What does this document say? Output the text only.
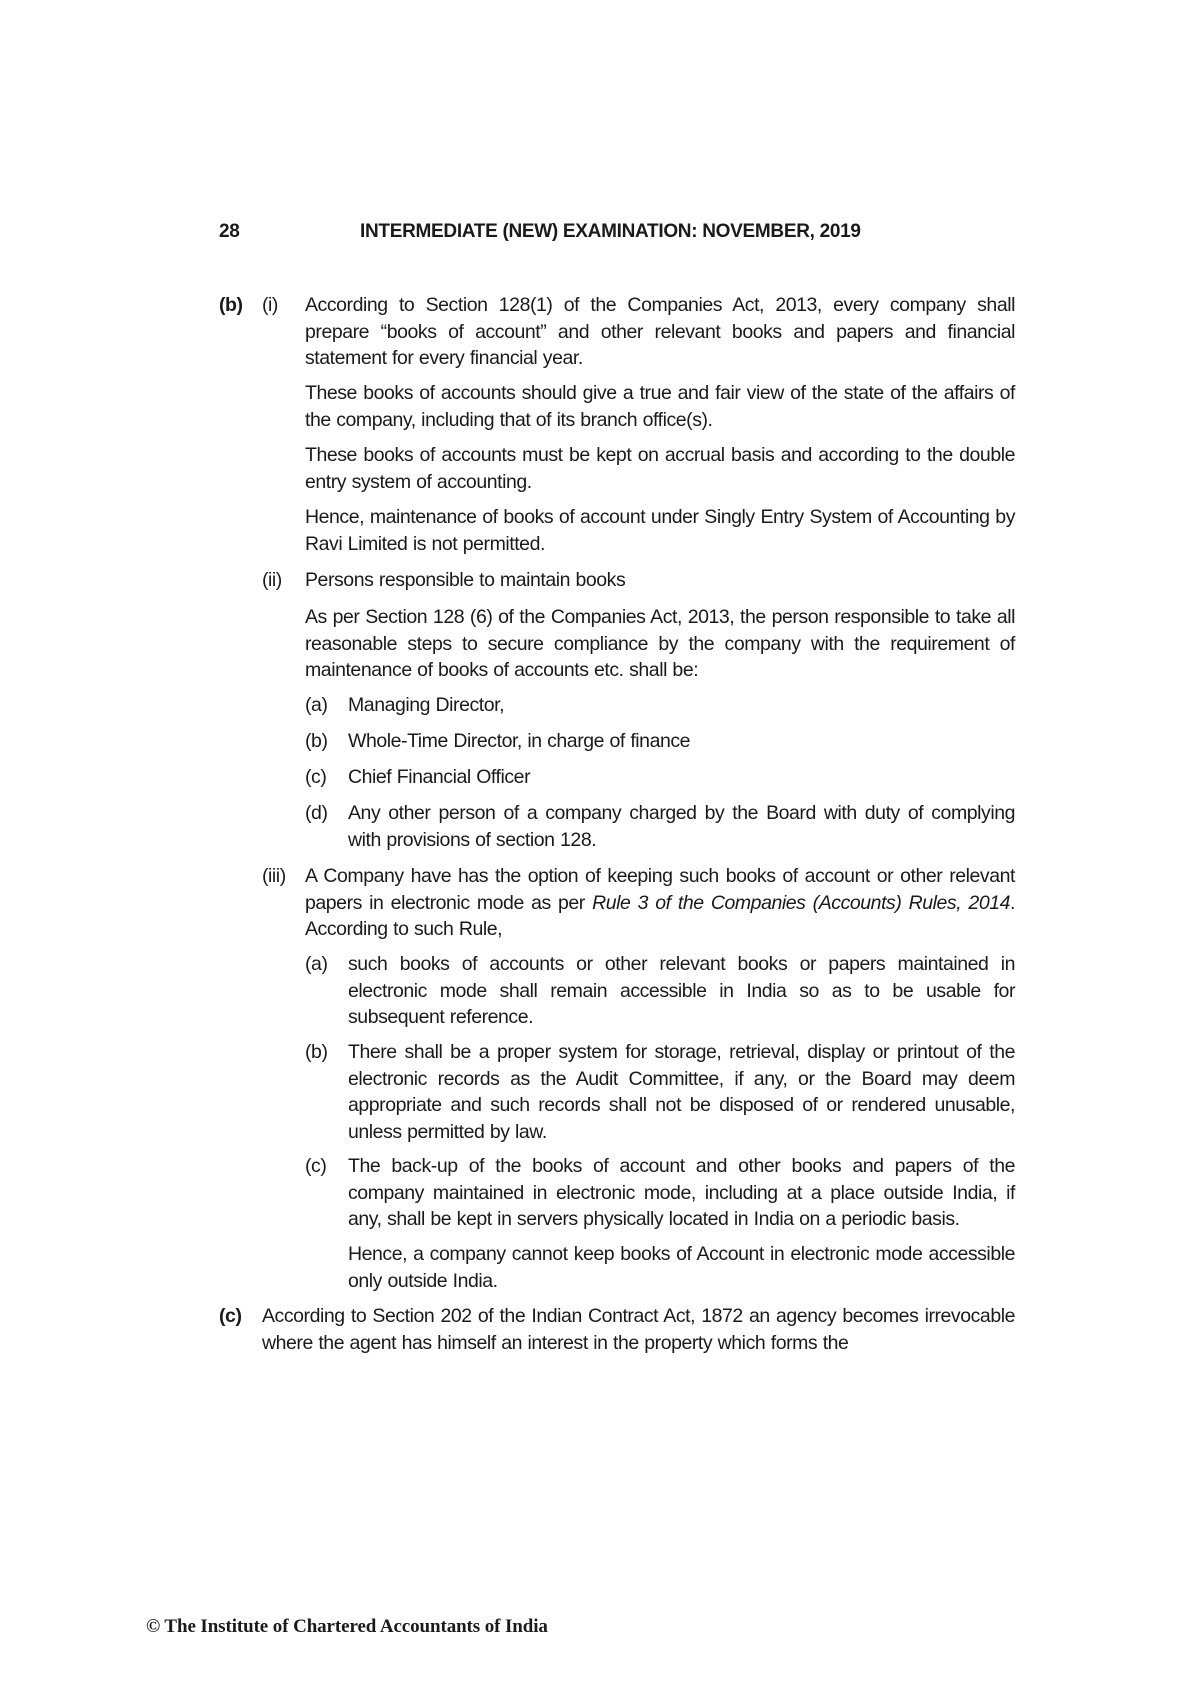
28	INTERMEDIATE (NEW) EXAMINATION: NOVEMBER, 2019
(b) (i) According to Section 128(1) of the Companies Act, 2013, every company shall prepare “books of account” and other relevant books and papers and financial statement for every financial year.
These books of accounts should give a true and fair view of the state of the affairs of the company, including that of its branch office(s).
These books of accounts must be kept on accrual basis and according to the double entry system of accounting.
Hence, maintenance of books of account under Singly Entry System of Accounting by Ravi Limited is not permitted.
(ii) Persons responsible to maintain books
As per Section 128 (6) of the Companies Act, 2013, the person responsible to take all reasonable steps to secure compliance by the company with the requirement of maintenance of books of accounts etc. shall be:
(a) Managing Director,
(b) Whole-Time Director, in charge of finance
(c) Chief Financial Officer
(d) Any other person of a company charged by the Board with duty of complying with provisions of section 128.
(iii) A Company have has the option of keeping such books of account or other relevant papers in electronic mode as per Rule 3 of the Companies (Accounts) Rules, 2014. According to such Rule,
(a) such books of accounts or other relevant books or papers maintained in electronic mode shall remain accessible in India so as to be usable for subsequent reference.
(b) There shall be a proper system for storage, retrieval, display or printout of the electronic records as the Audit Committee, if any, or the Board may deem appropriate and such records shall not be disposed of or rendered unusable, unless permitted by law.
(c) The back-up of the books of account and other books and papers of the company maintained in electronic mode, including at a place outside India, if any, shall be kept in servers physically located in India on a periodic basis.
Hence, a company cannot keep books of Account in electronic mode accessible only outside India.
(c) According to Section 202 of the Indian Contract Act, 1872 an agency becomes irrevocable where the agent has himself an interest in the property which forms the
© The Institute of Chartered Accountants of India
